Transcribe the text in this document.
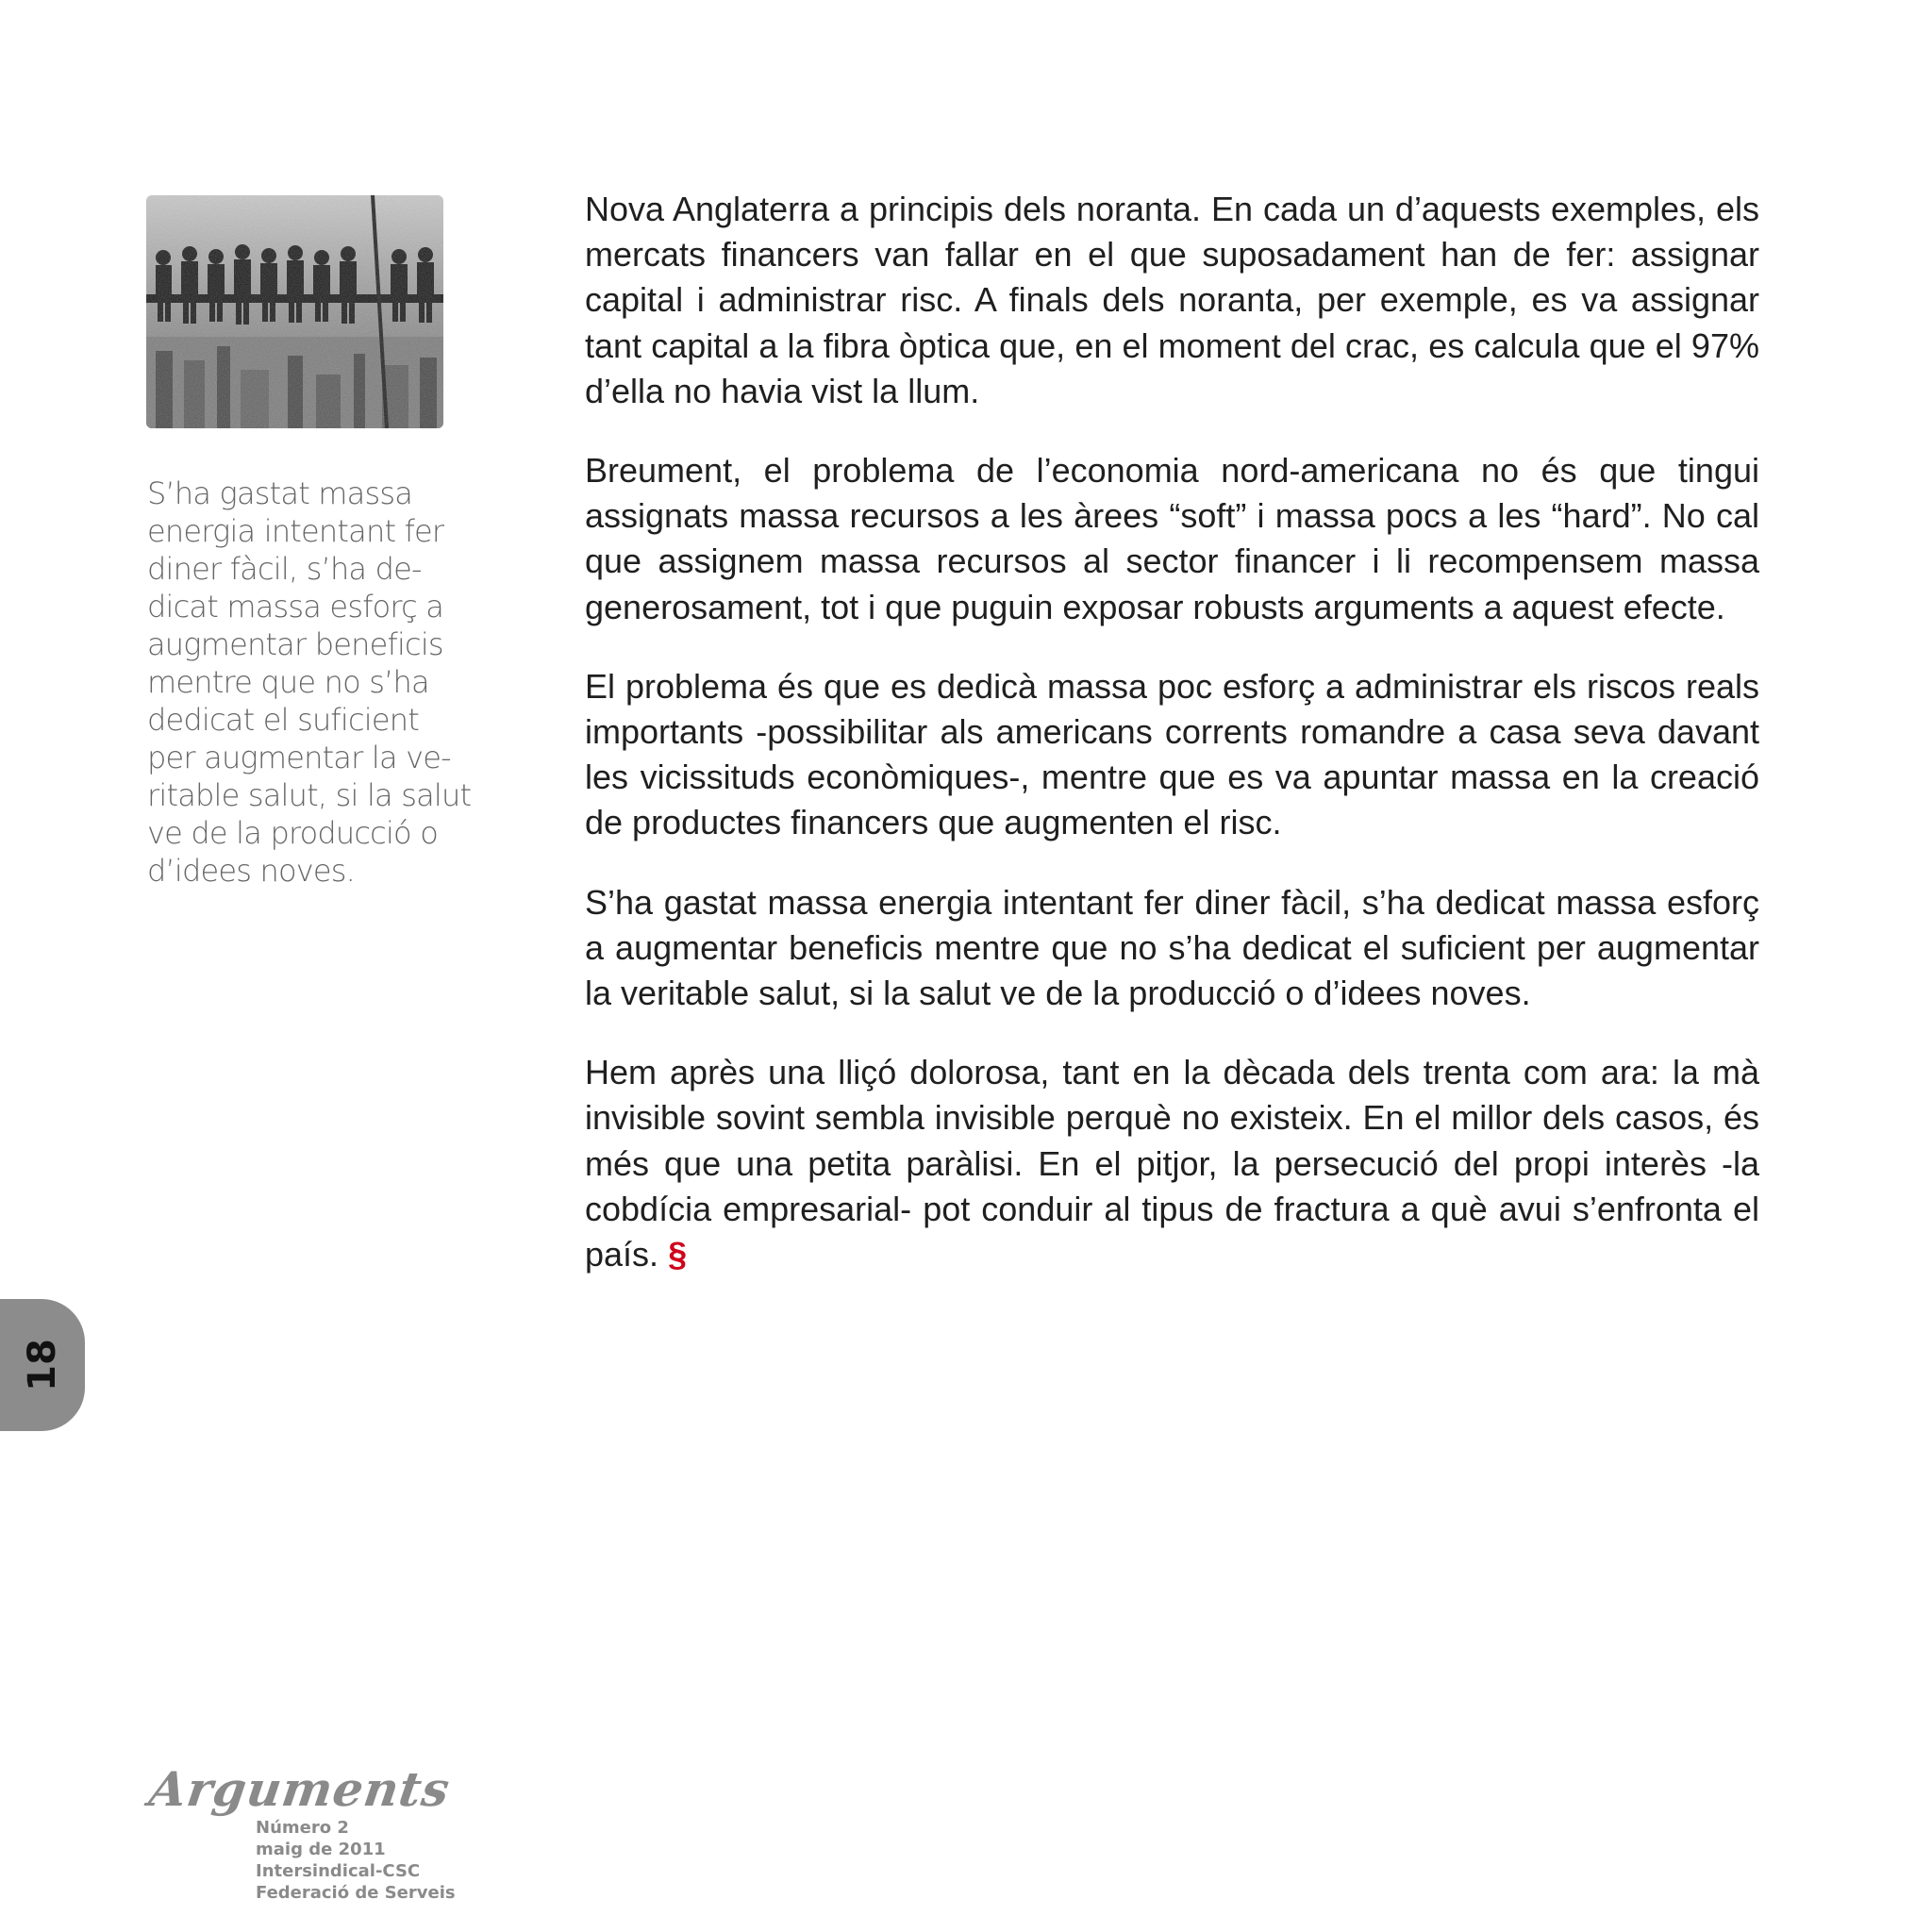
S’ha gastat massa
energia intentant fer
diner fàcil, s’ha de-
dicat massa esforç a
augmentar beneficis
mentre que no s’ha
dedicat el suficient
per augmentar la ve-
ritable salut, si la salut
ve de la producció o
d’idees noves.

Nova Anglaterra a principis dels noranta. En cada un d’aquests exemples, els mercats financers van fallar en el que suposadament han de fer: assignar capital i administrar risc. A finals dels noranta, per exemple, es va assignar tant capital a la fibra òptica que, en el moment del crac, es calcula que el 97% d’ella no havia vist la llum.

Breument, el problema de l’economia nord-americana no és que tingui assignats massa recursos a les àrees “soft” i massa pocs a les “hard”. No cal que assignem massa recursos al sector financer i li recompensem massa generosament, tot i que puguin exposar robusts arguments a aquest efecte.

El problema és que es dedicà massa poc esforç a administrar els riscos reals importants -possibilitar als americans corrents romandre a casa seva davant les vicissituds econòmiques-, mentre que es va apuntar massa en la creació de productes financers que augmenten el risc.

S’ha gastat massa energia intentant fer diner fàcil, s’ha dedicat massa esforç a augmentar beneficis mentre que no s’ha dedicat el suficient per augmentar la veritable salut, si la salut ve de la producció o d’idees noves.

Hem après una lliçó dolorosa, tant en la dècada dels trenta com ara: la mà invisible sovint sembla invisible perquè no existeix. En el millor dels casos, és més que una petita paràlisi. En el pitjor, la persecució del propi interès -la cobdícia empresarial- pot conduir al tipus de fractura a què avui s’enfronta el país. §

18
Arguments
Número 2
maig de 2011
Intersindical-CSC
Federació de Serveis
